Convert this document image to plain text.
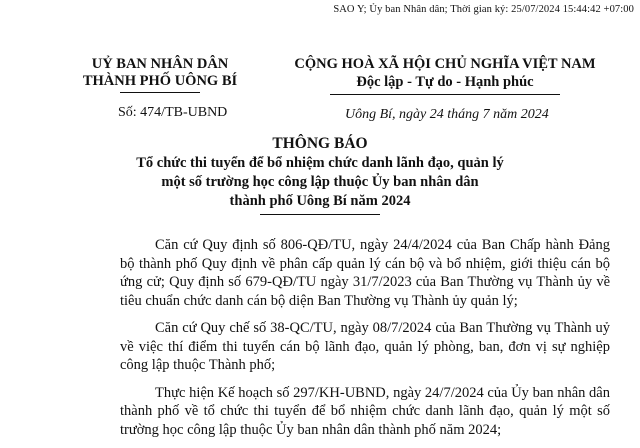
SAO Y; Ủy ban Nhân dân; Thời gian ký: 25/07/2024 15:44:42 +07:00
UỶ BAN NHÂN DÂN
THÀNH PHỐ UÔNG BÍ
CỘNG HOÀ XÃ HỘI CHỦ NGHĨA VIỆT NAM
Độc lập - Tự do - Hạnh phúc
Số: 474/TB-UBND	Uông Bí, ngày 24 tháng 7 năm 2024
THÔNG BÁO
Tổ chức thi tuyển để bổ nhiệm chức danh lãnh đạo, quản lý
một số trường học công lập thuộc Ủy ban nhân dân
thành phố Uông Bí năm 2024

Căn cứ Quy định số 806-QĐ/TU, ngày 24/4/2024 của Ban Chấp hành Đảng bộ thành phố Quy định về phân cấp quản lý cán bộ và bổ nhiệm, giới thiệu cán bộ ứng cử; Quy định số 679-QĐ/TU ngày 31/7/2023 của Ban Thường vụ Thành ủy về tiêu chuẩn chức danh cán bộ diện Ban Thường vụ Thành ủy quản lý;

Căn cứ Quy chế số 38-QC/TU, ngày 08/7/2024 của Ban Thường vụ Thành uỷ về việc thí điểm thi tuyển cán bộ lãnh đạo, quản lý phòng, ban, đơn vị sự nghiệp công lập thuộc Thành phố;

Thực hiện Kế hoạch số 297/KH-UBND, ngày 24/7/2024 của Ủy ban nhân dân thành phố về tổ chức thi tuyển để bổ nhiệm chức danh lãnh đạo, quản lý một số trường học công lập thuộc Ủy ban nhân dân thành phố năm 2024;
